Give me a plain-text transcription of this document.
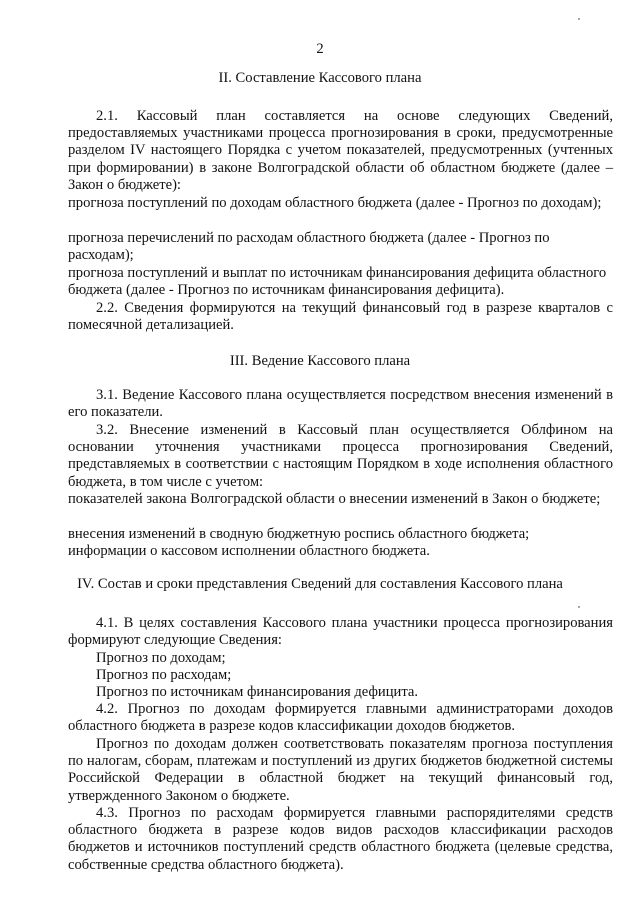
2
II. Составление Кассового плана
2.1. Кассовый план составляется на основе следующих Сведений, предоставляемых участниками процесса прогнозирования в сроки, предусмотренные разделом IV настоящего Порядка с учетом показателей, предусмотренных (учтенных при формировании) в законе Волгоградской области об областном бюджете (далее – Закон о бюджете):
прогноза поступлений по доходам областного бюджета (далее - Прогноз по доходам);
прогноза перечислений по расходам областного бюджета (далее - Прогноз по расходам);
прогноза поступлений и выплат по источникам финансирования дефицита областного бюджета (далее - Прогноз по источникам финансирования дефицита).
2.2. Сведения формируются на текущий финансовый год в разрезе кварталов с помесячной детализацией.
III. Ведение Кассового плана
3.1. Ведение Кассового плана осуществляется посредством внесения изменений в его показатели.
3.2. Внесение изменений в Кассовый план осуществляется Облфином на основании уточнения участниками процесса прогнозирования Сведений, представляемых в соответствии с настоящим Порядком в ходе исполнения областного бюджета, в том числе с учетом:
показателей закона Волгоградской области о внесении изменений в Закон о бюджете;
внесения изменений в сводную бюджетную роспись областного бюджета;
информации о кассовом исполнении областного бюджета.
IV. Состав и сроки представления Сведений для составления Кассового плана
4.1. В целях составления Кассового плана участники процесса прогнозирования формируют следующие Сведения:
Прогноз по доходам;
Прогноз по расходам;
Прогноз по источникам финансирования дефицита.
4.2. Прогноз по доходам формируется главными администраторами доходов областного бюджета в разрезе кодов классификации доходов бюджетов.
Прогноз по доходам должен соответствовать показателям прогноза поступления по налогам, сборам, платежам и поступлений из других бюджетов бюджетной системы Российской Федерации в областной бюджет на текущий финансовый год, утвержденного Законом о бюджете.
4.3. Прогноз по расходам формируется главными распорядителями средств областного бюджета в разрезе кодов видов расходов классификации расходов бюджетов и источников поступлений средств областного бюджета (целевые средства, собственные средства областного бюджета).
